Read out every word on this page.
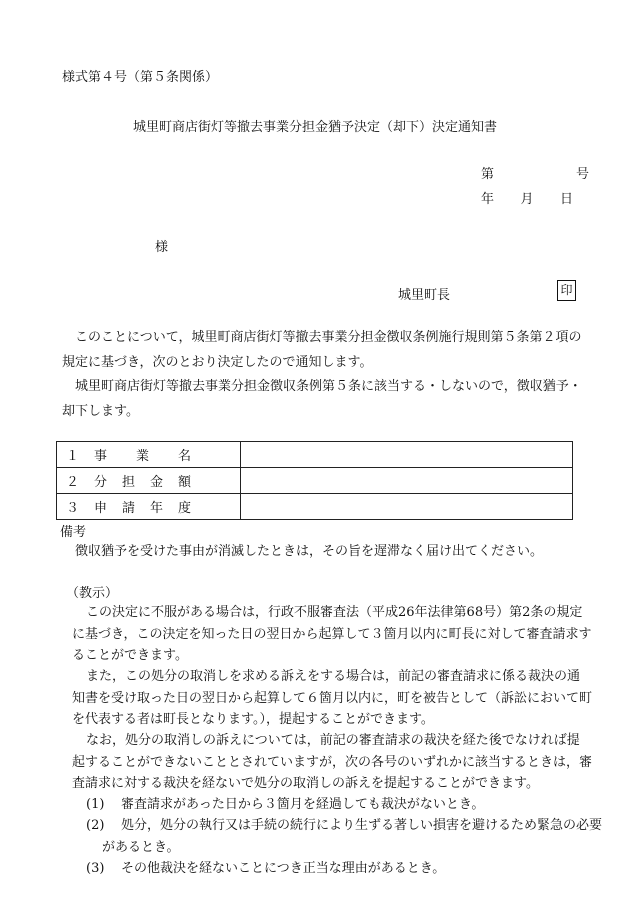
様式第４号（第５条関係）
城里町商店街灯等撤去事業分担金猶予決定（却下）決定通知書
第	号
年 月 日
様
城里町長	印
このことについて，城里町商店街灯等撤去事業分担金徴収条例施行規則第５条第２項の規定に基づき，次のとおり決定したので通知します。
城里町商店街灯等撤去事業分担金徴収条例第５条に該当する・しないので，徴収猶予・却下します。
１　事　　業　　名	
２　分　担　金　額	
３　申　請　年　度	
備考
徴収猶予を受けた事由が消滅したときは，その旨を遅滞なく届け出てください。
（教示）
この決定に不服がある場合は，行政不服審査法（平成26年法律第68号）第2条の規定に基づき，この決定を知った日の翌日から起算して３箇月以内に町長に対して審査請求することができます。
また，この処分の取消しを求める訴えをする場合は，前記の審査請求に係る裁決の通知書を受け取った日の翌日から起算して６箇月以内に，町を被告として（訴訟において町を代表する者は町長となります。），提起することができます。
なお，処分の取消しの訴えについては，前記の審査請求の裁決を経た後でなければ提起することができないこととされていますが，次の各号のいずれかに該当するときは，審査請求に対する裁決を経ないで処分の取消しの訴えを提起することができます。
(1) 審査請求があった日から３箇月を経過しても裁決がないとき。
(2) 処分，処分の執行又は手続の続行により生ずる著しい損害を避けるため緊急の必要があるとき。
(3) その他裁決を経ないことにつき正当な理由があるとき。
